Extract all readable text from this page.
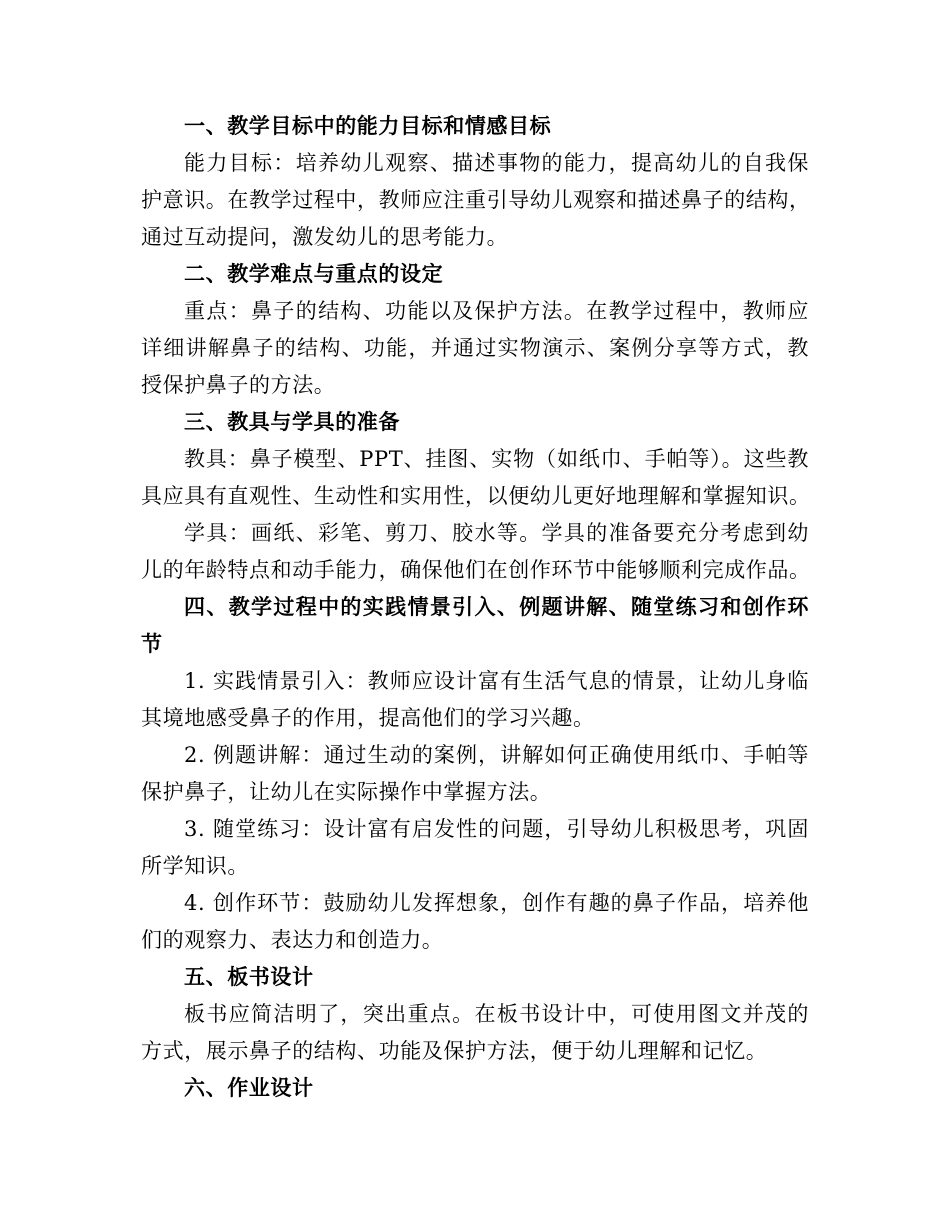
一、教学目标中的能力目标和情感目标
能力目标：培养幼儿观察、描述事物的能力，提高幼儿的自我保
护意识。在教学过程中，教师应注重引导幼儿观察和描述鼻子的结构，
通过互动提问，激发幼儿的思考能力。
二、教学难点与重点的设定
重点：鼻子的结构、功能以及保护方法。在教学过程中，教师应
详细讲解鼻子的结构、功能，并通过实物演示、案例分享等方式，教
授保护鼻子的方法。
三、教具与学具的准备
教具：鼻子模型、PPT、挂图、实物（如纸巾、手帕等）。这些教
具应具有直观性、生动性和实用性，以便幼儿更好地理解和掌握知识。
学具：画纸、彩笔、剪刀、胶水等。学具的准备要充分考虑到幼
儿的年龄特点和动手能力，确保他们在创作环节中能够顺利完成作品。
四、教学过程中的实践情景引入、例题讲解、随堂练习和创作环
节
1. 实践情景引入：教师应设计富有生活气息的情景，让幼儿身临
其境地感受鼻子的作用，提高他们的学习兴趣。
2. 例题讲解：通过生动的案例，讲解如何正确使用纸巾、手帕等
保护鼻子，让幼儿在实际操作中掌握方法。
3. 随堂练习：设计富有启发性的问题，引导幼儿积极思考，巩固
所学知识。
4. 创作环节：鼓励幼儿发挥想象，创作有趣的鼻子作品，培养他
们的观察力、表达力和创造力。
五、板书设计
板书应简洁明了，突出重点。在板书设计中，可使用图文并茂的
方式，展示鼻子的结构、功能及保护方法，便于幼儿理解和记忆。
六、作业设计
